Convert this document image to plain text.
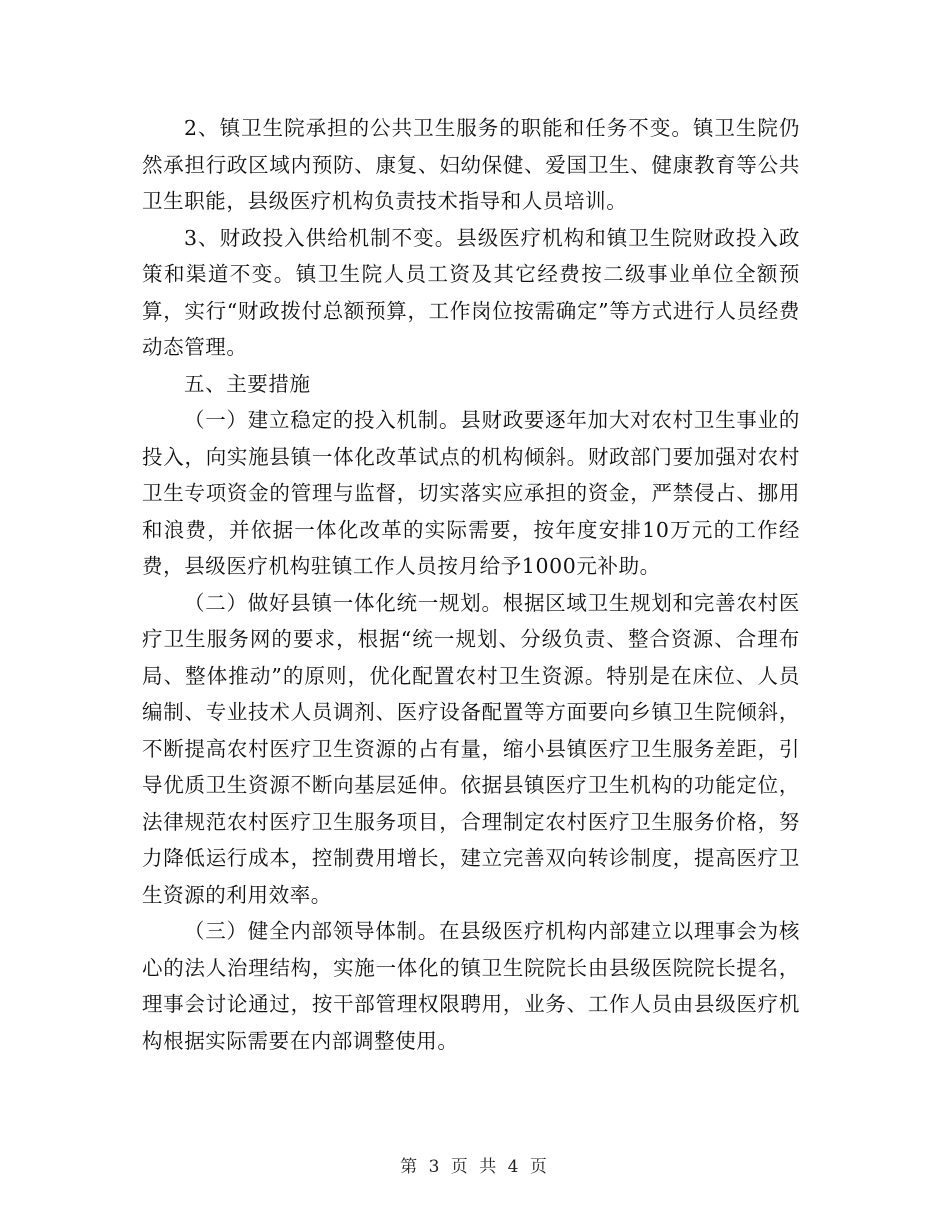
2、镇卫生院承担的公共卫生服务的职能和任务不变。镇卫生院仍然承担行政区域内预防、康复、妇幼保健、爱国卫生、健康教育等公共卫生职能，县级医疗机构负责技术指导和人员培训。

3、财政投入供给机制不变。县级医疗机构和镇卫生院财政投入政策和渠道不变。镇卫生院人员工资及其它经费按二级事业单位全额预算，实行“财政拨付总额预算，工作岗位按需确定”等方式进行人员经费动态管理。

五、主要措施

（一）建立稳定的投入机制。县财政要逐年加大对农村卫生事业的投入，向实施县镇一体化改革试点的机构倾斜。财政部门要加强对农村卫生专项资金的管理与监督，切实落实应承担的资金，严禁侵占、挪用和浪费，并依据一体化改革的实际需要，按年度安排10万元的工作经费，县级医疗机构驻镇工作人员按月给予1000元补助。

（二）做好县镇一体化统一规划。根据区域卫生规划和完善农村医疗卫生服务网的要求，根据“统一规划、分级负责、整合资源、合理布局、整体推动”的原则，优化配置农村卫生资源。特别是在床位、人员编制、专业技术人员调剂、医疗设备配置等方面要向乡镇卫生院倾斜，不断提高农村医疗卫生资源的占有量，缩小县镇医疗卫生服务差距，引导优质卫生资源不断向基层延伸。依据县镇医疗卫生机构的功能定位，法律规范农村医疗卫生服务项目，合理制定农村医疗卫生服务价格，努力降低运行成本，控制费用增长，建立完善双向转诊制度，提高医疗卫生资源的利用效率。

（三）健全内部领导体制。在县级医疗机构内部建立以理事会为核心的法人治理结构，实施一体化的镇卫生院院长由县级医院院长提名，理事会讨论通过，按干部管理权限聘用，业务、工作人员由县级医疗机构根据实际需要在内部调整使用。

第 3 页 共 4 页
